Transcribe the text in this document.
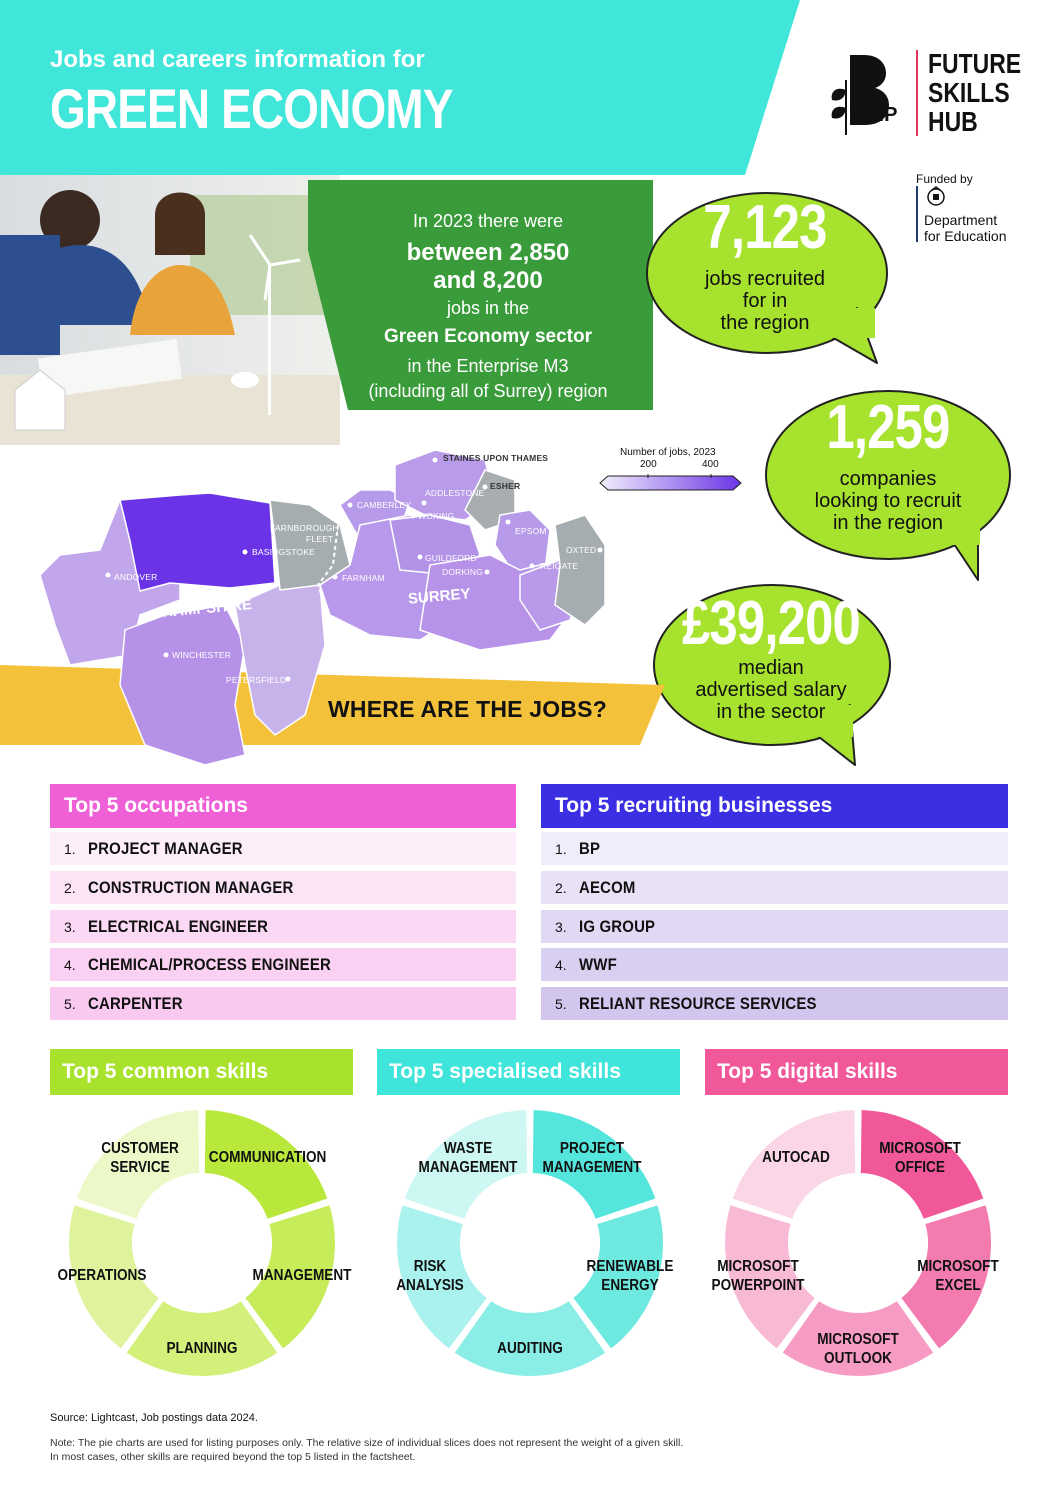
Jobs and careers information for
GREEN ECONOMY	LSIP
FUTURE
SKILLS
HUB
Funded by
Department
for Education
In 2023 there were
between 2,850
and 8,200
jobs in the
Green Economy sector
in the Enterprise M3
(including all of Surrey) region
7,123
jobs recruited
for in
the region
1,259
companies
looking to recruit
in the region
£39,200
median
advertised salary
in the sector
WHERE ARE THE JOBS?
STAINES UPON THAMES
ESHER
ADDLESTONE
CAMBERLEY
WOKING
FARNBOROUGH
FLEET
BASINGSTOKE
EPSOM
OXTED
ANDOVER
GUILDFORD
DORKING
REIGATE
FARNHAM
WINCHESTER
PETERSFIELD
HAMPSHIRE	SURREY
Number of jobs, 2023
200	400
Top 5 occupations	Top 5 recruiting businesses
1. PROJECT MANAGER
2. CONSTRUCTION MANAGER
3. ELECTRICAL ENGINEER
4. CHEMICAL/PROCESS ENGINEER
5. CARPENTER
1. BP
2. AECOM
3. IG GROUP
4. WWF
5. RELIANT RESOURCE SERVICES
Top 5 common skills	Top 5 specialised skills	Top 5 digital skills
COMMUNICATION
MANAGEMENT
PLANNING
OPERATIONS
CUSTOMER
SERVICE
PROJECT
MANAGEMENT
RENEWABLE
ENERGY
AUDITING
RISK
ANALYSIS
WASTE
MANAGEMENT
MICROSOFT
OFFICE
MICROSOFT
EXCEL
MICROSOFT
OUTLOOK
MICROSOFT
POWERPOINT
AUTOCAD
Source: Lightcast, Job postings data 2024.
Note: The pie charts are used for listing purposes only. The relative size of individual slices does not represent the weight of a given skill.
In most cases, other skills are required beyond the top 5 listed in the factsheet.
